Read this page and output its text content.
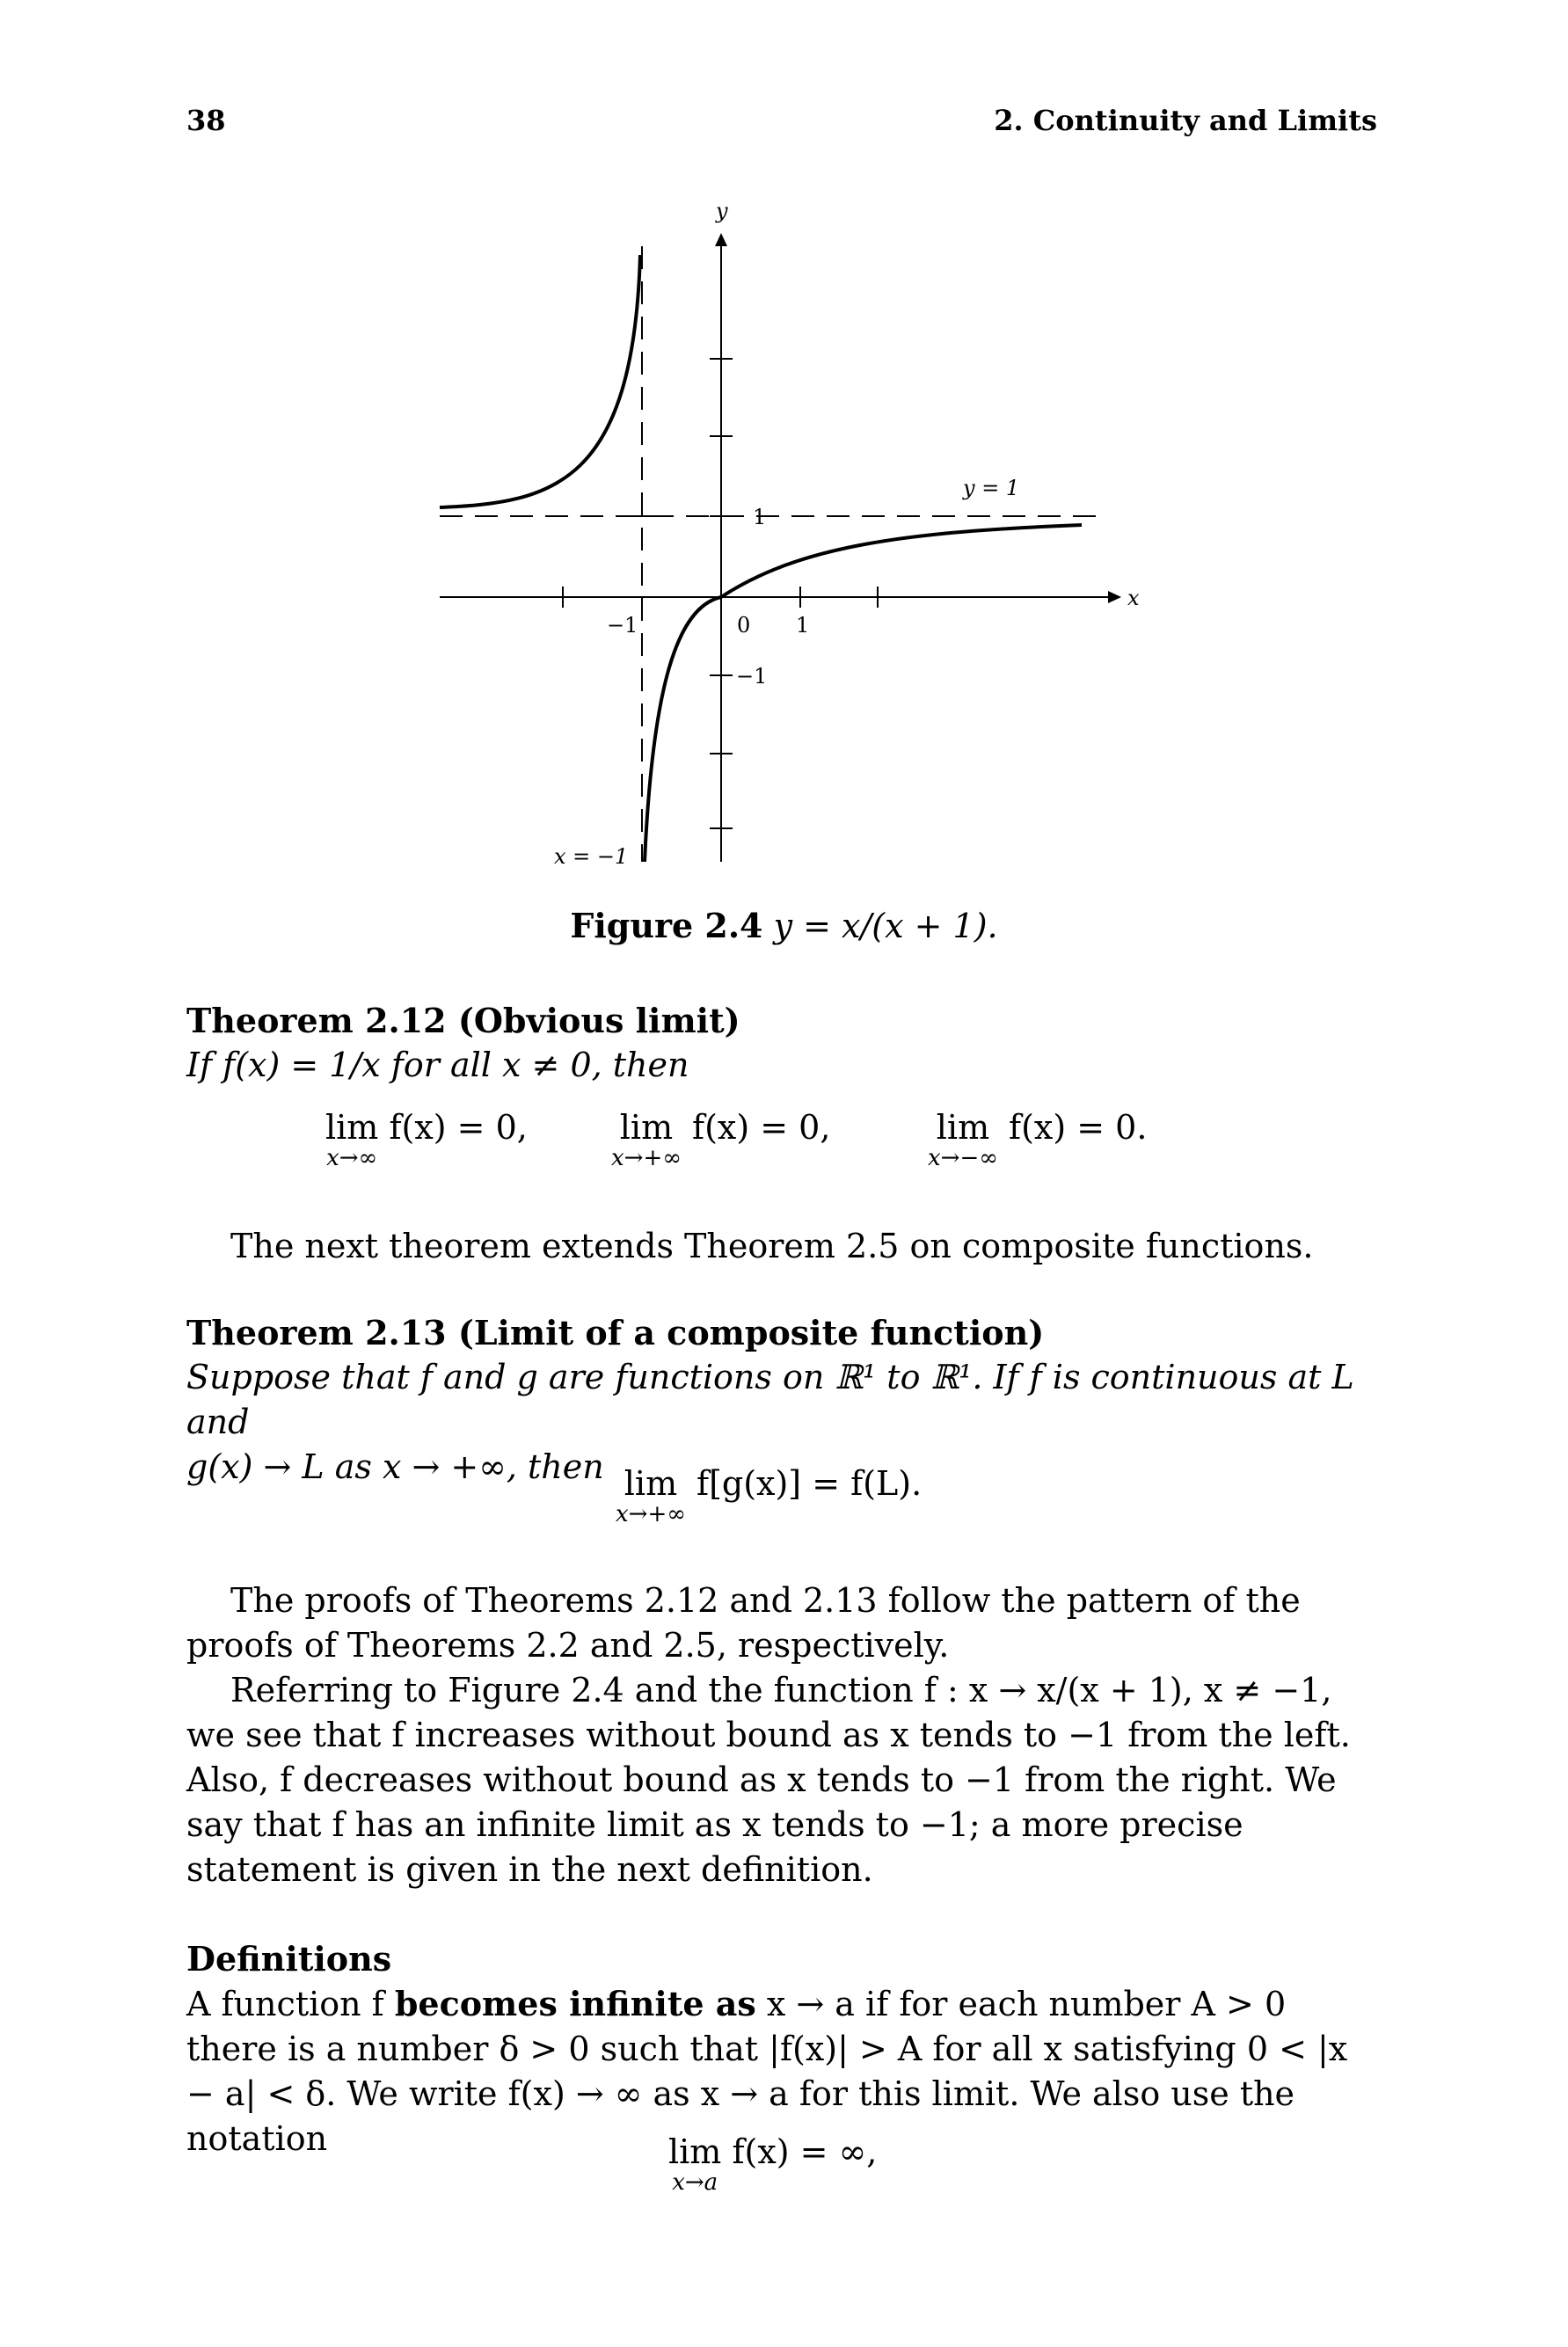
38	2. Continuity and Limits
y
x
y = 1
x = −1
1
−1
0 1
−1
Figure 2.4 y = x/(x + 1).
Theorem 2.12 (Obvious limit)
If f(x) = 1/x for all x ≠ 0, then
lim
x→∞
f(x) = 0,	lim
x→+∞
f(x) = 0,	lim
x→−∞
f(x) = 0.

The next theorem extends Theorem 2.5 on composite functions.

Theorem 2.13 (Limit of a composite function)
Suppose that f and g are functions on ℝ¹ to ℝ¹. If f is continuous at L and
g(x) → L as x → +∞, then lim
x→+∞
f[g(x)] = f(L).

The proofs of Theorems 2.12 and 2.13 follow the pattern of the proofs of Theorems 2.2 and 2.5, respectively.

Referring to Figure 2.4 and the function f : x → x/(x + 1), x ≠ −1, we see that f increases without bound as x tends to −1 from the left. Also, f decreases without bound as x tends to −1 from the right. We say that f has an infinite limit as x tends to −1; a more precise statement is given in the next definition.

Definitions

A function f becomes infinite as x → a if for each number A > 0 there is a number δ > 0 such that |f(x)| > A for all x satisfying 0 < |x − a| < δ. We write f(x) → ∞ as x → a for this limit. We also use the notation	lim
x→a
f(x) = ∞,
